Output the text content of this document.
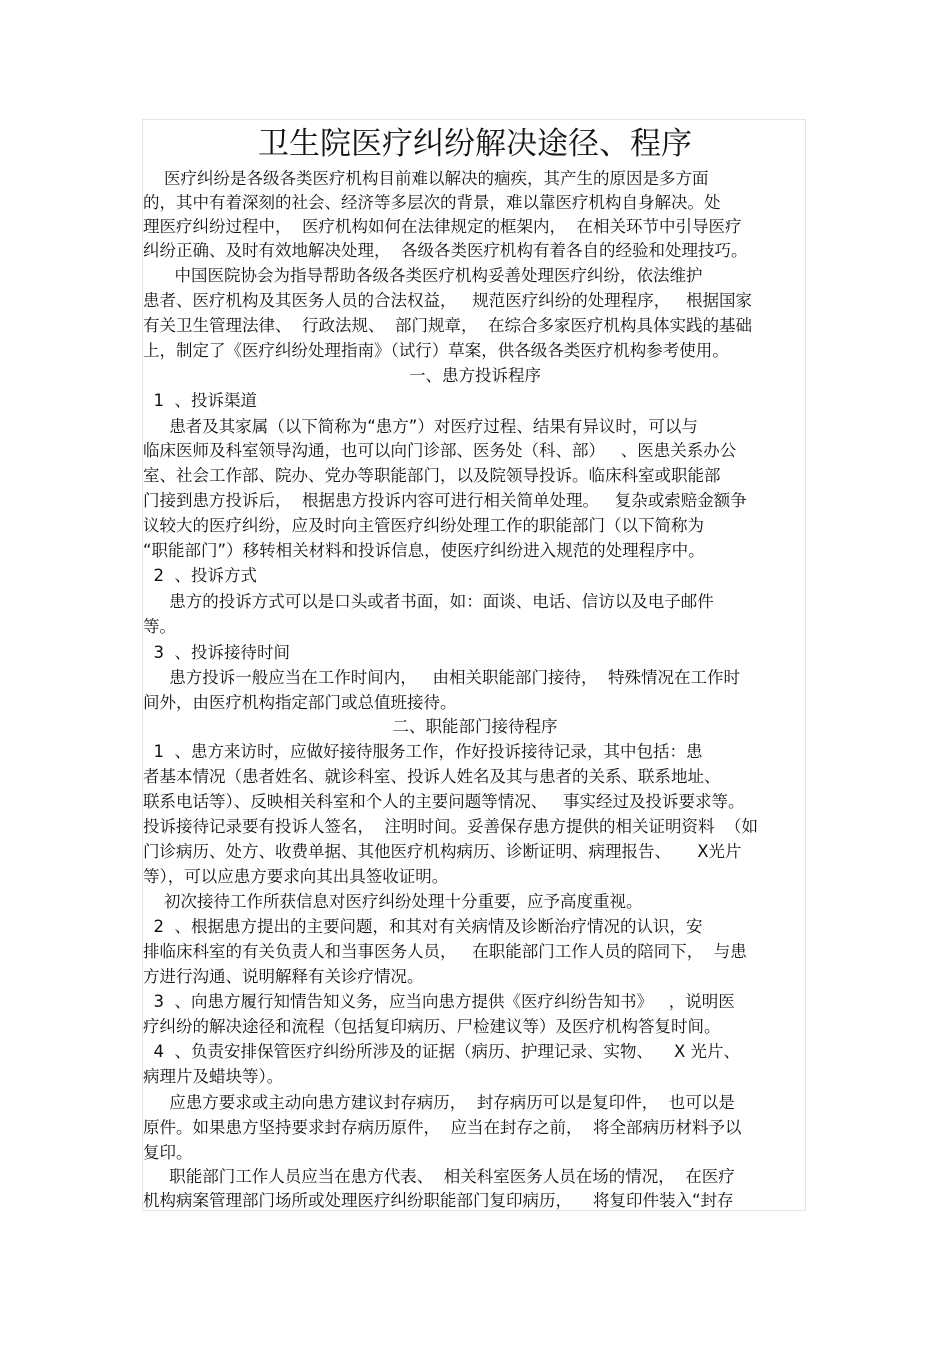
卫生院医疗纠纷解决途径、程序
医疗纠纷是各级各类医疗机构目前难以解决的痼疾，其产生的原因是多方面
的，其中有着深刻的社会、经济等多层次的背景，难以靠医疗机构自身解决。处
理医疗纠纷过程中，  医疗机构如何在法律规定的框架内，  在相关环节中引导医疗
纠纷正确、及时有效地解决处理，  各级各类医疗机构有着各自的经验和处理技巧。
中国医院协会为指导帮助各级各类医疗机构妥善处理医疗纠纷，依法维护
患者、医疗机构及其医务人员的合法权益，   规范医疗纠纷的处理程序，   根据国家
有关卫生管理法律、  行政法规、  部门规章，  在综合多家医疗机构具体实践的基础
上，制定了《医疗纠纷处理指南》（试行）草案，供各级各类医疗机构参考使用。
一、患方投诉程序
1  、投诉渠道
患者及其家属（以下简称为“患方”）对医疗过程、结果有异议时，可以与
临床医师及科室领导沟通，也可以向门诊部、医务处（科、部）   、医患关系办公
室、社会工作部、院办、党办等职能部门，以及院领导投诉。临床科室或职能部
门接到患方投诉后，  根据患方投诉内容可进行相关简单处理。   复杂或索赔金额争
议较大的医疗纠纷，应及时向主管医疗纠纷处理工作的职能部门（以下简称为
“职能部门”）移转相关材料和投诉信息，使医疗纠纷进入规范的处理程序中。
2  、投诉方式
患方的投诉方式可以是口头或者书面，如：面谈、电话、信访以及电子邮件
等。
3  、投诉接待时间
患方投诉一般应当在工作时间内，   由相关职能部门接待，  特殊情况在工作时
间外，由医疗机构指定部门或总值班接待。
二、职能部门接待程序
1  、患方来访时，应做好接待服务工作，作好投诉接待记录，其中包括：患
者基本情况（患者姓名、就诊科室、投诉人姓名及其与患者的关系、联系地址、
联系电话等）、反映相关科室和个人的主要问题等情况、   事实经过及投诉要求等。
投诉接待记录要有投诉人签名，  注明时间。妥善保存患方提供的相关证明资料  （如
门诊病历、处方、收费单据、其他医疗机构病历、诊断证明、病理报告、     X光片
等），可以应患方要求向其出具签收证明。
初次接待工作所获信息对医疗纠纷处理十分重要，应予高度重视。
2  、根据患方提出的主要问题，和其对有关病情及诊断治疗情况的认识，安
排临床科室的有关负责人和当事医务人员，   在职能部门工作人员的陪同下，  与患
方进行沟通、说明解释有关诊疗情况。
3  、向患方履行知情告知义务，应当向患方提供《医疗纠纷告知书》   ，说明医
疗纠纷的解决途径和流程（包括复印病历、尸检建议等）及医疗机构答复时间。
4  、负责安排保管医疗纠纷所涉及的证据（病历、护理记录、实物、    X 光片、
病理片及蜡块等）。
应患方要求或主动向患方建议封存病历，  封存病历可以是复印件，  也可以是
原件。如果患方坚持要求封存病历原件，  应当在封存之前，  将全部病历材料予以
复印。
职能部门工作人员应当在患方代表、  相关科室医务人员在场的情况，  在医疗
机构病案管理部门场所或处理医疗纠纷职能部门复印病历，    将复印件装入“封存
